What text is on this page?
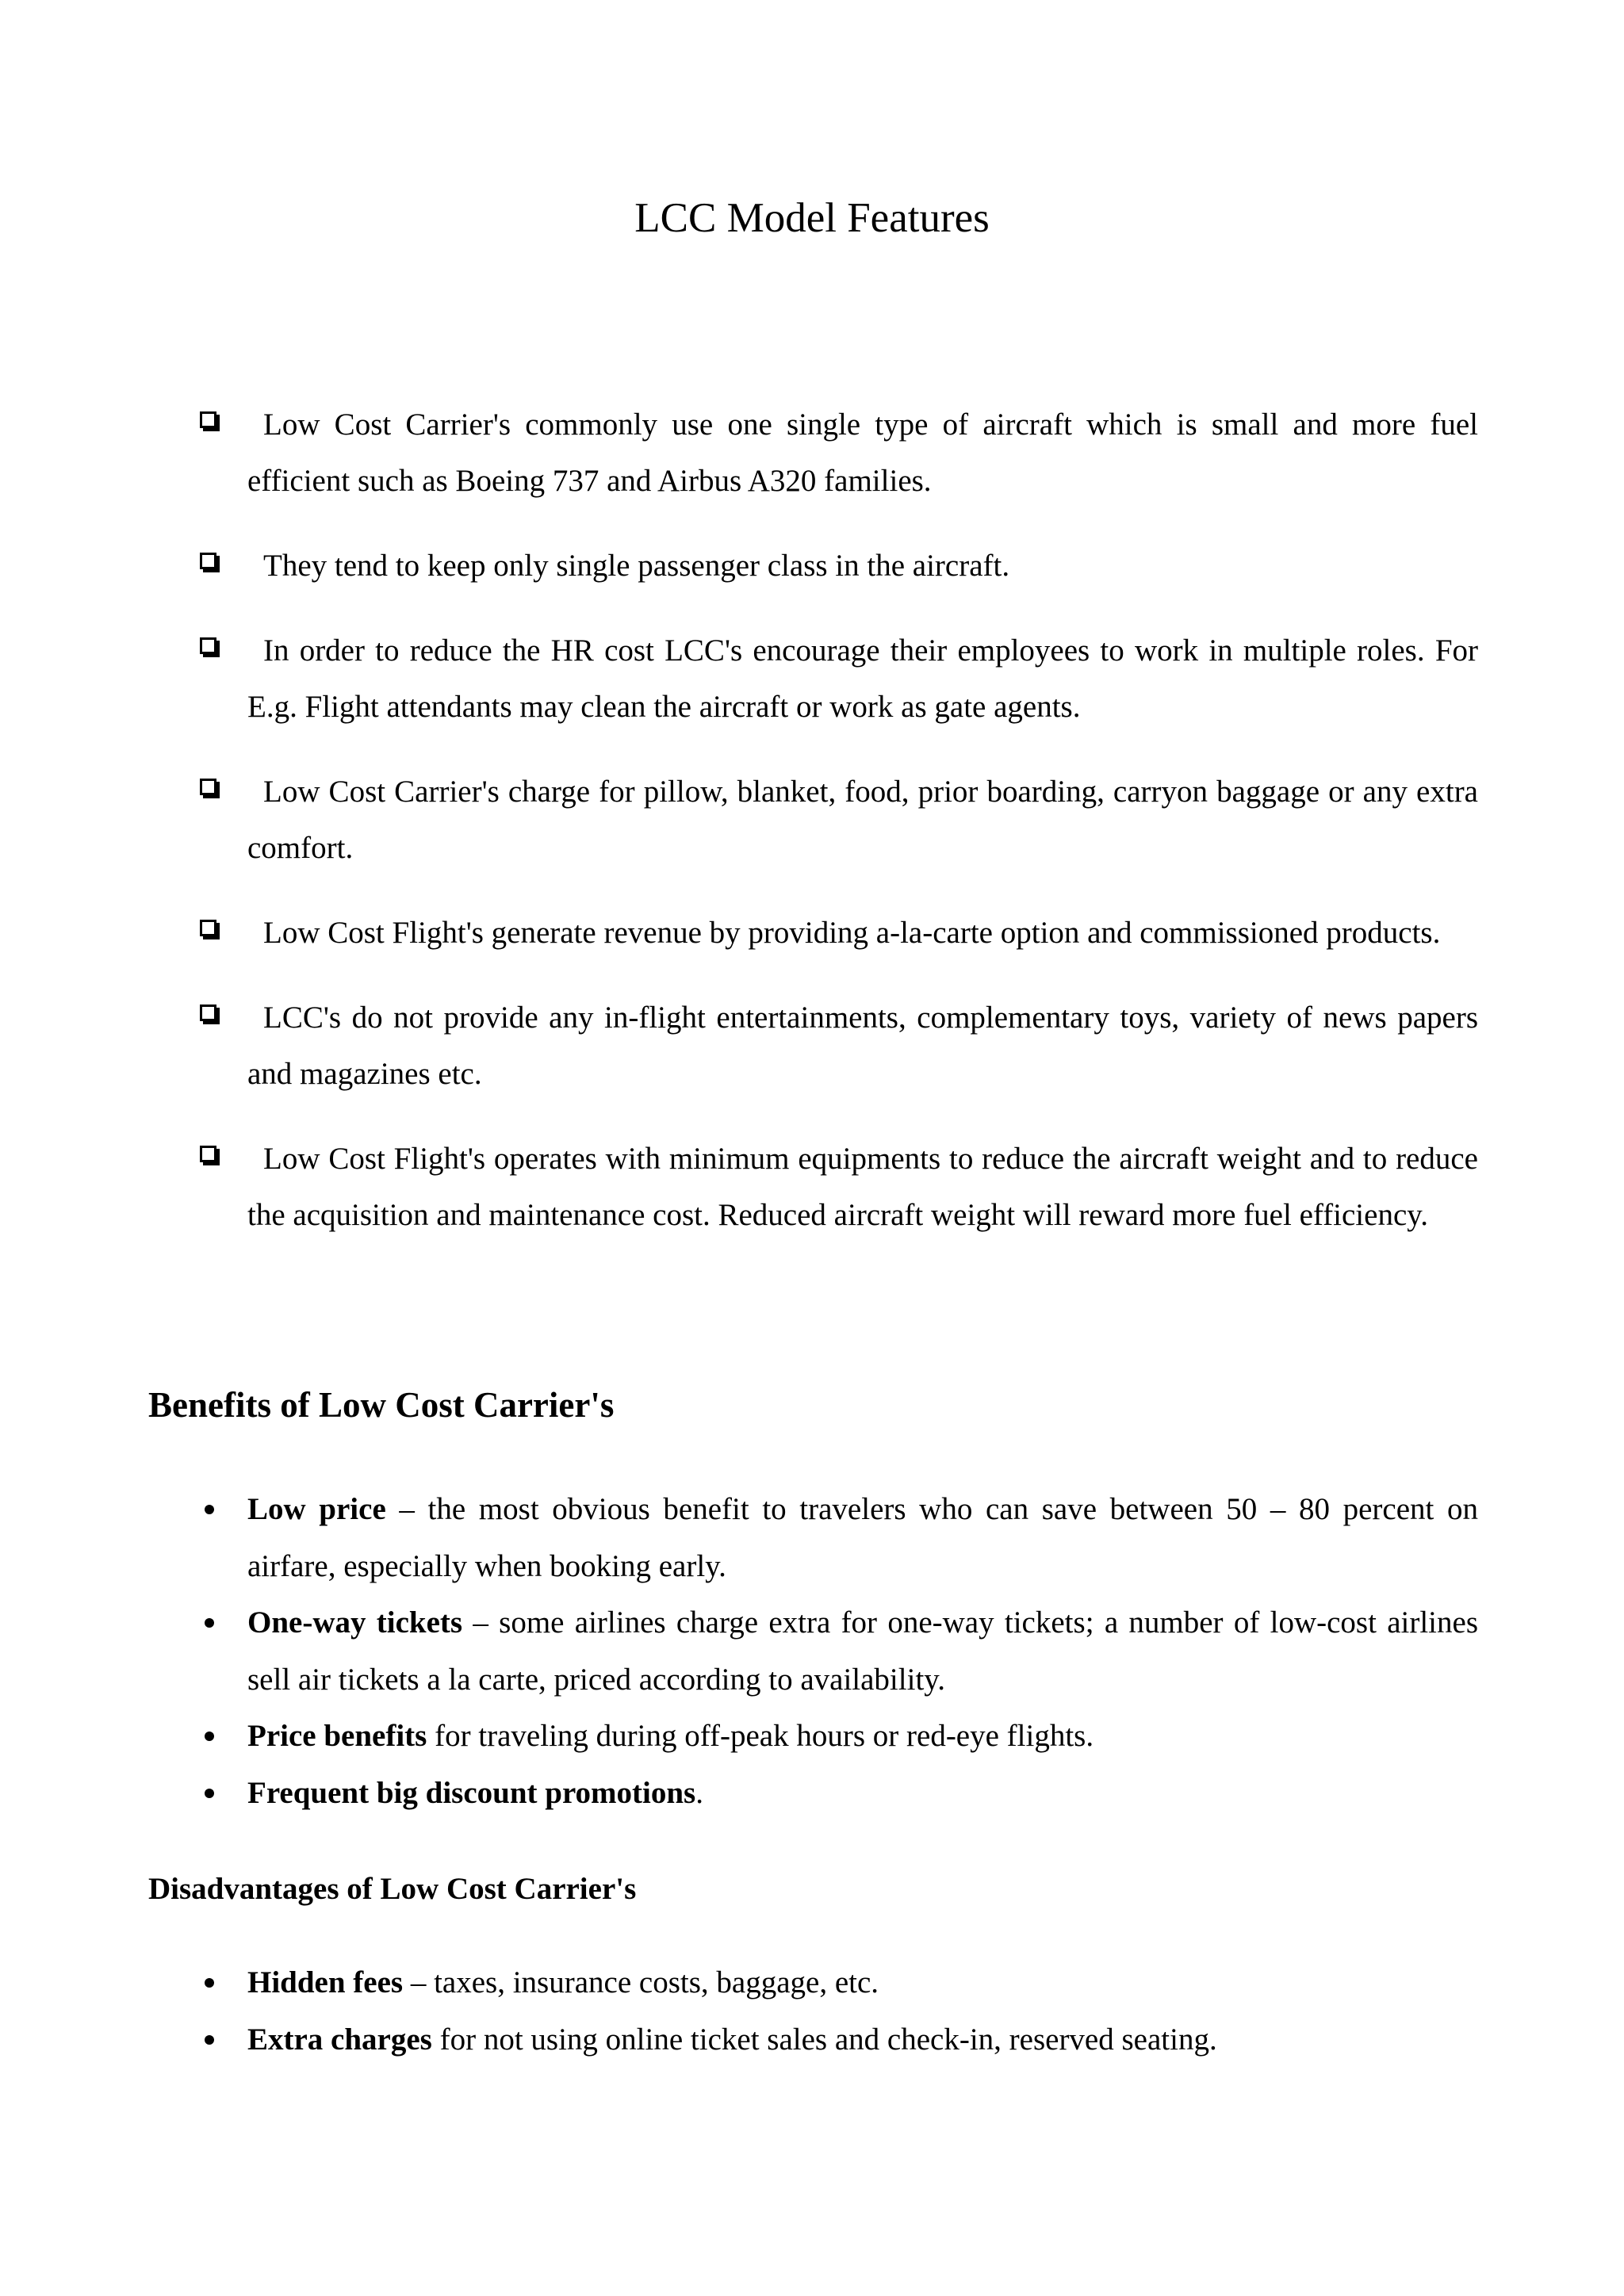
LCC Model Features
Low Cost Carrier's commonly use one single type of aircraft which is small and more fuel efficient such as Boeing 737 and Airbus A320 families.
They tend to keep only single passenger class in the aircraft.
In order to reduce the HR cost LCC's encourage their employees to work in multiple roles. For E.g. Flight attendants may clean the aircraft or work as gate agents.
Low Cost Carrier's charge for pillow, blanket, food, prior boarding, carryon baggage or any extra comfort.
Low Cost Flight's generate revenue by providing a-la-carte option and commissioned products.
LCC's do not provide any in-flight entertainments, complementary toys, variety of news papers and magazines etc.
Low Cost Flight's operates with minimum equipments to reduce the aircraft weight and to reduce the acquisition and maintenance cost. Reduced aircraft weight will reward more fuel efficiency.
Benefits of Low Cost Carrier's
Low price – the most obvious benefit to travelers who can save between 50 – 80 percent on airfare, especially when booking early.
One-way tickets – some airlines charge extra for one-way tickets; a number of low-cost airlines sell air tickets a la carte, priced according to availability.
Price benefits for traveling during off-peak hours or red-eye flights.
Frequent big discount promotions.
Disadvantages of Low Cost Carrier's
Hidden fees – taxes, insurance costs, baggage, etc.
Extra charges for not using online ticket sales and check-in, reserved seating.
